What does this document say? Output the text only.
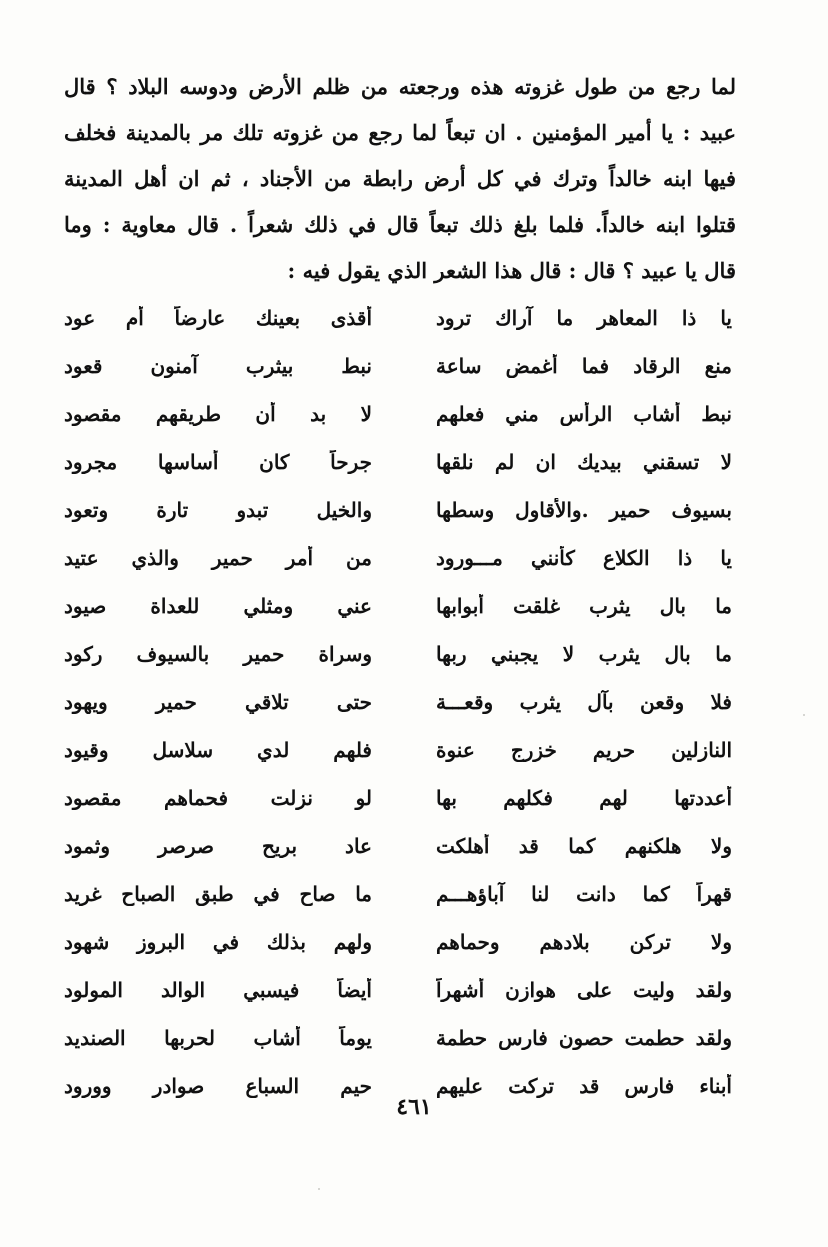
لما رجع من طول غزوته هذه ورجعته من ظلم الأرض ودوسه البلاد ؟ قال
عبيد : يا أمير المؤمنين . ان تبعاً لما رجع من غزوته تلك مر بالمدينة فخلف
فيها ابنه خالداً وترك في كل أرض رابطة من الأجناد ، ثم ان أهل المدينة
قتلوا ابنه خالداً. فلما بلغ ذلك تبعاً قال في ذلك شعراً . قال معاوية : وما
قال يا عبيد ؟ قال : قال هذا الشعر الذي يقول فيه :
يا ذا المعاهر ما آراك ترود
أقذى بعينك عارضاً أم عود
منع الرقاد فما أغمض ساعة
نبط بيثرب آمنون قعود
نبط أشاب الرأس مني فعلهم
لا بد أن طريقهم مقصود
لا تسقني بيديك ان لم نلقها
جرحاً كان أساسها مجرود
بسيوف حمير .والأقاول وسطها
والخيل تبدو تارة وتعود
يا ذا الكلاع كأنني مـــورود
من أمر حمير والذي عتيد
ما بال يثرب غلقت أبوابها
عني ومثلي للعداة صيود
ما بال يثرب لا يجبني ربها
وسراة حمير بالسيوف ركود
فلا وقعن بآل يثرب وقعـــة
حتى تلاقي حمير ويهود
النازلين حريم خزرج عنوة
فلهم لدي سلاسل وقيود
أعددتها لهم فكلهم بها
لو نزلت فحماهم مقصود
ولا هلكنهم كما قد أهلكت
عاد بريح صرصر وثمود
قهراً كما دانت لنا آباؤهـــم
ما صاح في طبق الصباح غريد
ولا تركن بلادهم وحماهم
ولهم بذلك في البروز شهود
ولقد وليت على هوازن أشهراً
أيضاً فيسبي الوالد المولود
ولقد حطمت حصون فارس حطمة
يوماً أشاب لحربها الصنديد
أبناء فارس قد تركت عليهم
حيم السباع صوادر وورود
٤٦١
